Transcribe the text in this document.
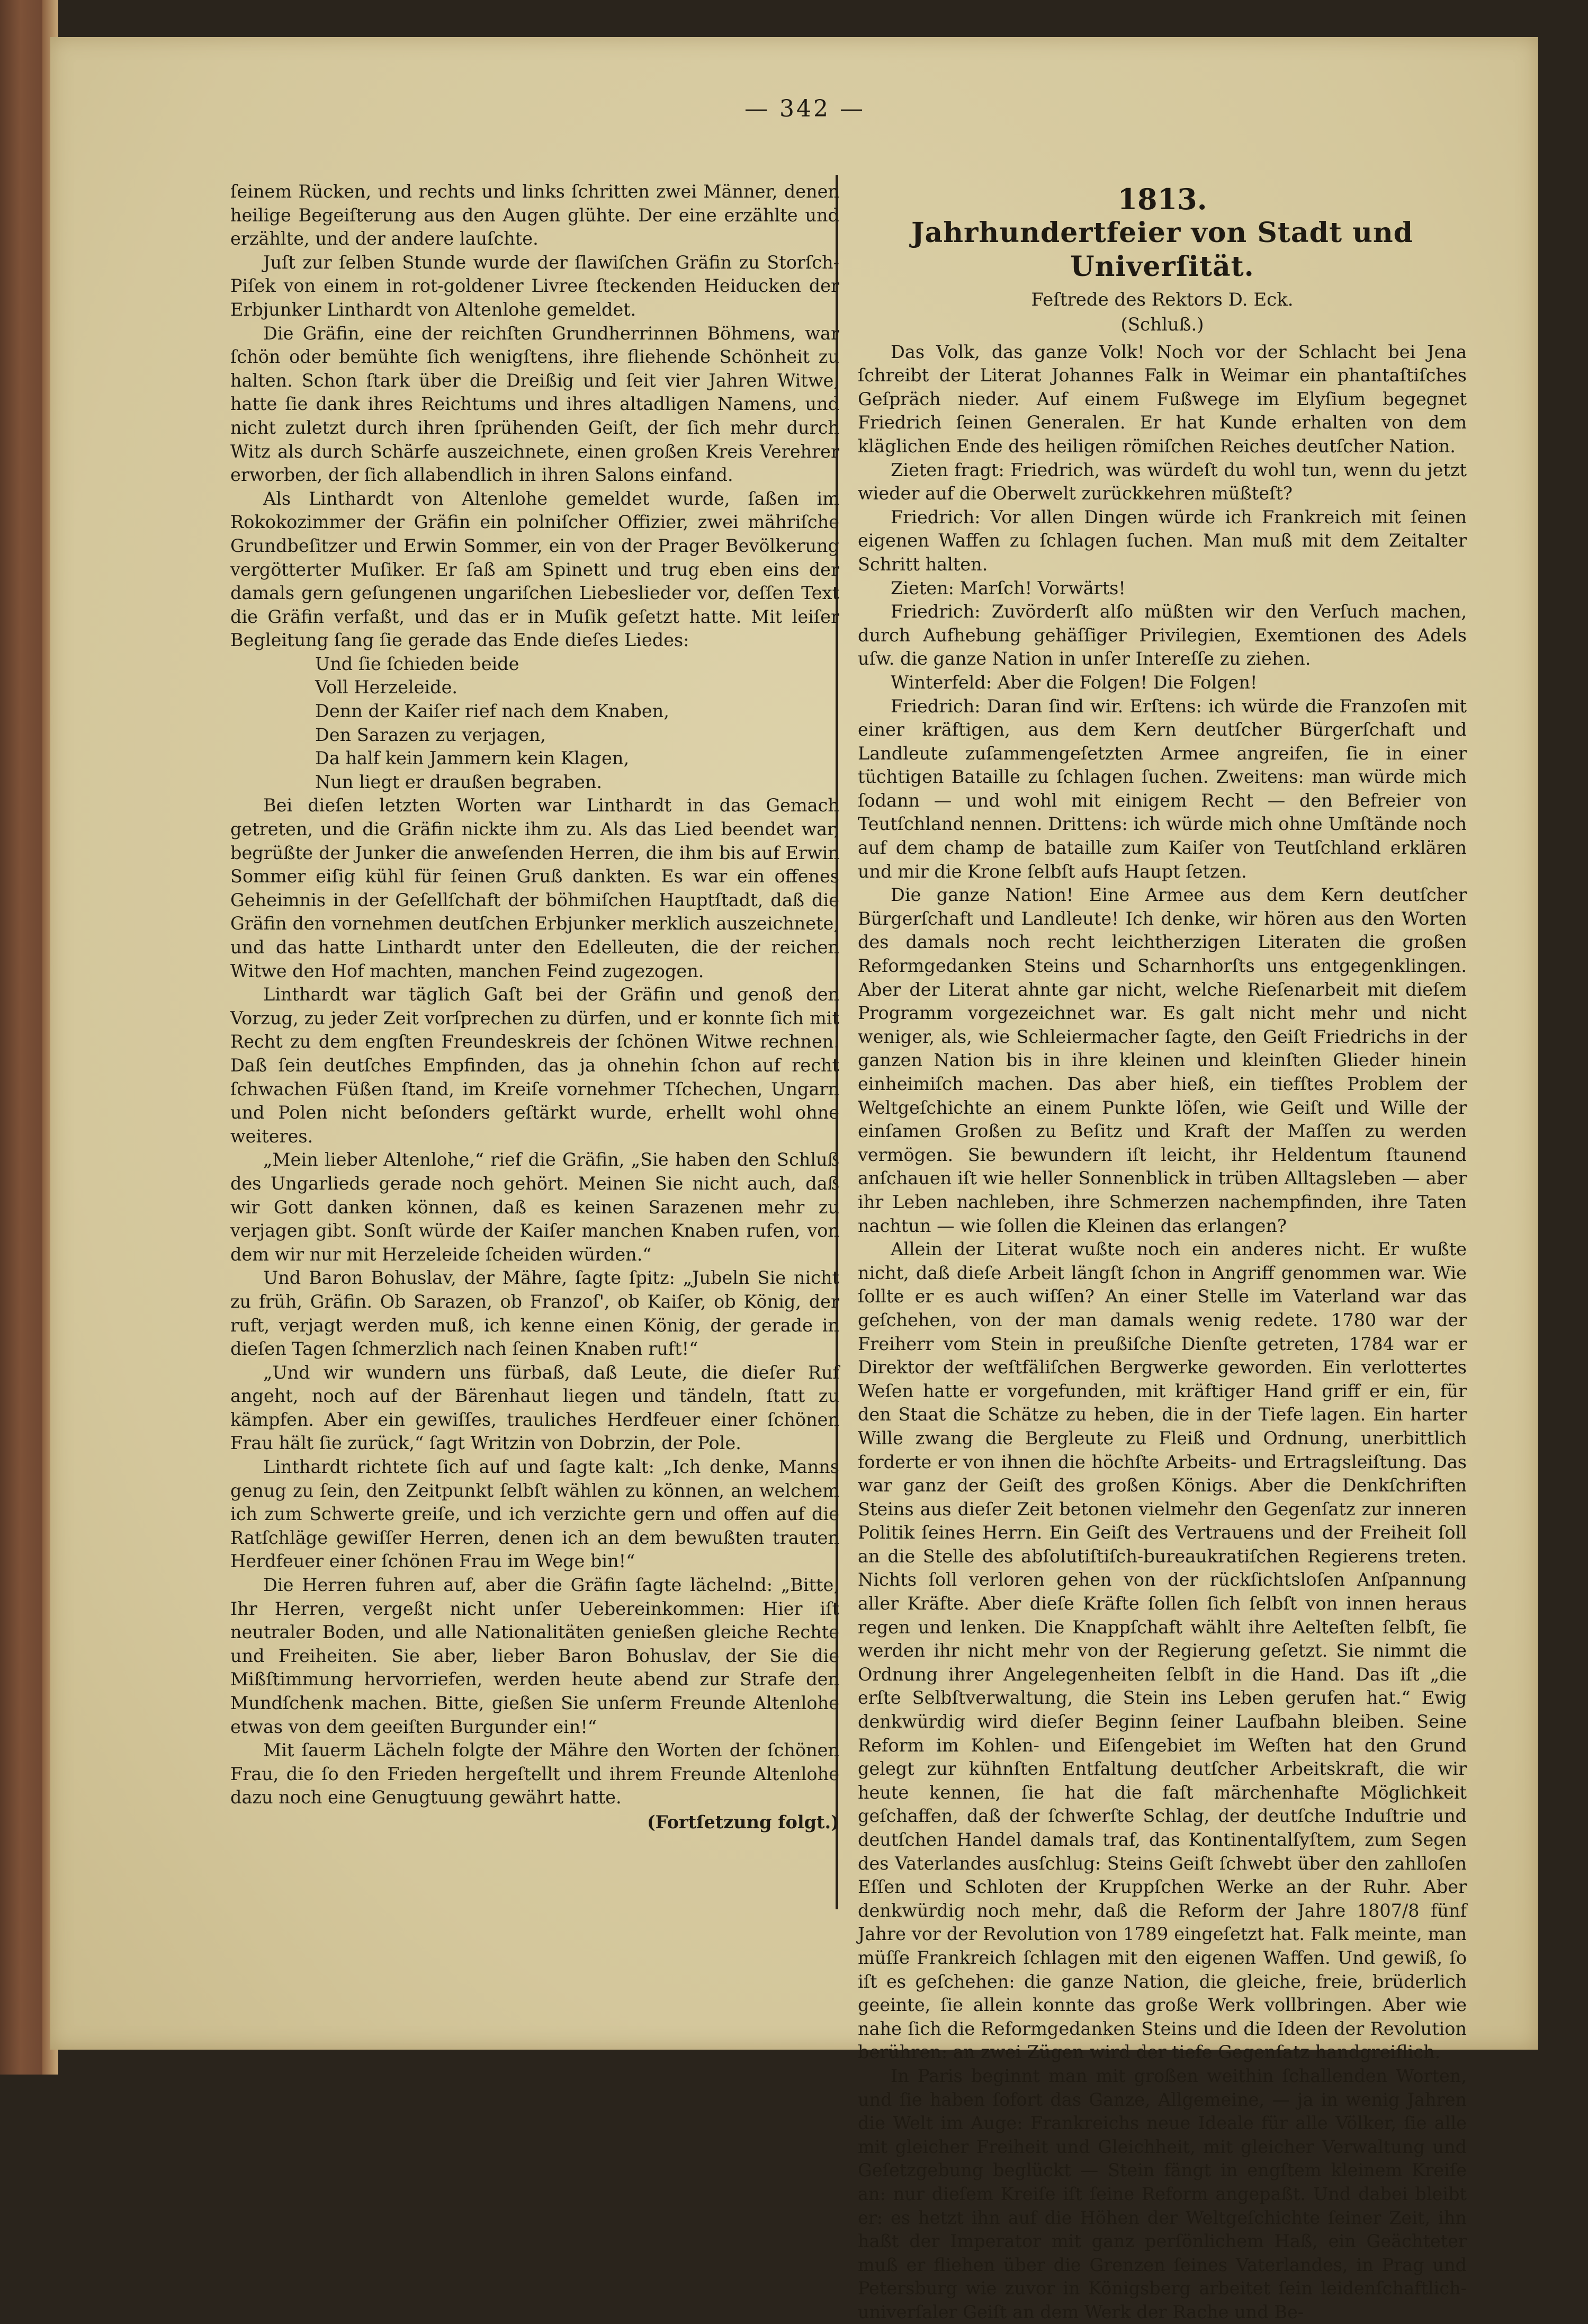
— 342 —

ſeinem Rücken, und rechts und links ſchritten zwei Männer, denen heilige Begeiſterung aus den Augen glühte. Der eine erzählte und erzählte, und der andere lauſchte.

Juſt zur ſelben Stunde wurde der ſlawiſchen Gräfin zu Storſch-Piſek von einem in rot-goldener Livree ſteckenden Heiducken der Erbjunker Linthardt von Altenlohe gemeldet.

Die Gräfin, eine der reichſten Grundherrinnen Böhmens, war ſchön oder bemühte ſich wenigſtens, ihre fliehende Schönheit zu halten. Schon ſtark über die Dreißig und ſeit vier Jahren Witwe, hatte ſie dank ihres Reichtums und ihres altadligen Namens, und nicht zuletzt durch ihren ſprühenden Geiſt, der ſich mehr durch Witz als durch Schärfe auszeichnete, einen großen Kreis Verehrer erworben, der ſich allabendlich in ihren Salons einfand.

Als Linthardt von Altenlohe gemeldet wurde, ſaßen im Rokokozimmer der Gräfin ein polniſcher Offizier, zwei mähriſche Grundbeſitzer und Erwin Sommer, ein von der Prager Bevölkerung vergötterter Muſiker. Er ſaß am Spinett und trug eben eins der damals gern geſungenen ungariſchen Liebeslieder vor, deſſen Text die Gräfin verfaßt, und das er in Muſik geſetzt hatte. Mit leiſer Begleitung ſang ſie gerade das Ende dieſes Liedes:

Und ſie ſchieden beide
Voll Herzeleide.
Denn der Kaiſer rief nach dem Knaben,
Den Sarazen zu verjagen,
Da half kein Jammern kein Klagen,
Nun liegt er draußen begraben.

Bei dieſen letzten Worten war Linthardt in das Gemach getreten, und die Gräfin nickte ihm zu. Als das Lied beendet war, begrüßte der Junker die anweſenden Herren, die ihm bis auf Erwin Sommer eiſig kühl für ſeinen Gruß dankten. Es war ein offenes Geheimnis in der Geſellſchaft der böhmiſchen Hauptſtadt, daß die Gräfin den vornehmen deutſchen Erbjunker merklich auszeichnete, und das hatte Linthardt unter den Edelleuten, die der reichen Witwe den Hof machten, manchen Feind zugezogen.

Linthardt war täglich Gaſt bei der Gräfin und genoß den Vorzug, zu jeder Zeit vorſprechen zu dürfen, und er konnte ſich mit Recht zu dem engſten Freundeskreis der ſchönen Witwe rechnen. Daß ſein deutſches Empfinden, das ja ohnehin ſchon auf recht ſchwachen Füßen ſtand, im Kreiſe vornehmer Tſchechen, Ungarn und Polen nicht beſonders geſtärkt wurde, erhellt wohl ohne weiteres.

„Mein lieber Altenlohe,“ rief die Gräfin, „Sie haben den Schluß des Ungarlieds gerade noch gehört. Meinen Sie nicht auch, daß wir Gott danken können, daß es keinen Sarazenen mehr zu verjagen gibt. Sonſt würde der Kaiſer manchen Knaben rufen, von dem wir nur mit Herzeleide ſcheiden würden.“

Und Baron Bohuslav, der Mähre, ſagte ſpitz: „Jubeln Sie nicht zu früh, Gräfin. Ob Sarazen, ob Franzoſ', ob Kaiſer, ob König, der ruft, verjagt werden muß, ich kenne einen König, der gerade in dieſen Tagen ſchmerzlich nach ſeinen Knaben ruft!“

„Und wir wundern uns fürbaß, daß Leute, die dieſer Ruf angeht, noch auf der Bärenhaut liegen und tändeln, ſtatt zu kämpfen. Aber ein gewiſſes, trauliches Herdfeuer einer ſchönen Frau hält ſie zurück,“ ſagt Writzin von Dobrzin, der Pole.

Linthardt richtete ſich auf und ſagte kalt: „Ich denke, Manns genug zu ſein, den Zeitpunkt ſelbſt wählen zu können, an welchem ich zum Schwerte greiſe, und ich verzichte gern und offen auf die Ratſchläge gewiſſer Herren, denen ich an dem bewußten trauten Herdfeuer einer ſchönen Frau im Wege bin!“

Die Herren fuhren auf, aber die Gräfin ſagte lächelnd: „Bitte, Ihr Herren, vergeßt nicht unſer Uebereinkommen: Hier iſt neutraler Boden, und alle Nationalitäten genießen gleiche Rechte und Freiheiten. Sie aber, lieber Baron Bohuslav, der Sie die Mißſtimmung hervorriefen, werden heute abend zur Strafe den Mundſchenk machen. Bitte, gießen Sie unſerm Freunde Altenlohe etwas von dem geeiſten Burgunder ein!“

Mit ſauerm Lächeln folgte der Mähre den Worten der ſchönen Frau, die ſo den Frieden hergeſtellt und ihrem Freunde Altenlohe dazu noch eine Genugtuung gewährt hatte.

(Fortſetzung folgt.)
1813.
Jahrhundertfeier von Stadt und Univerſität.
Feſtrede des Rektors D. Eck.
(Schluß.)

Das Volk, das ganze Volk! Noch vor der Schlacht bei Jena ſchreibt der Literat Johannes Falk in Weimar ein phantaſtiſches Geſpräch nieder. Auf einem Fußwege im Elyſium begegnet Friedrich ſeinen Generalen. Er hat Kunde erhalten von dem kläglichen Ende des heiligen römiſchen Reiches deutſcher Nation.

Zieten fragt: Friedrich, was würdeſt du wohl tun, wenn du jetzt wieder auf die Oberwelt zurückkehren müßteſt?

Friedrich: Vor allen Dingen würde ich Frankreich mit ſeinen eigenen Waffen zu ſchlagen ſuchen. Man muß mit dem Zeitalter Schritt halten.

Zieten: Marſch! Vorwärts!

Friedrich: Zuvörderſt alſo müßten wir den Verſuch machen, durch Aufhebung gehäſſiger Privilegien, Exemtionen des Adels uſw. die ganze Nation in unſer Intereſſe zu ziehen.

Winterfeld: Aber die Folgen! Die Folgen!

Friedrich: Daran ſind wir. Erſtens: ich würde die Franzoſen mit einer kräftigen, aus dem Kern deutſcher Bürgerſchaft und Landleute zuſammengeſetzten Armee angreifen, ſie in einer tüchtigen Bataille zu ſchlagen ſuchen. Zweitens: man würde mich ſodann — und wohl mit einigem Recht — den Befreier von Teutſchland nennen. Drittens: ich würde mich ohne Umſtände noch auf dem champ de bataille zum Kaiſer von Teutſchland erklären und mir die Krone ſelbſt aufs Haupt ſetzen.

Die ganze Nation! Eine Armee aus dem Kern deutſcher Bürgerſchaft und Landleute! Ich denke, wir hören aus den Worten des damals noch recht leichtherzigen Literaten die großen Reformgedanken Steins und Scharnhorſts uns entgegenklingen. Aber der Literat ahnte gar nicht, welche Rieſenarbeit mit dieſem Programm vorgezeichnet war. Es galt nicht mehr und nicht weniger, als, wie Schleiermacher ſagte, den Geiſt Friedrichs in der ganzen Nation bis in ihre kleinen und kleinſten Glieder hinein einheimiſch machen. Das aber hieß, ein tiefſtes Problem der Weltgeſchichte an einem Punkte löſen, wie Geiſt und Wille der einſamen Großen zu Beſitz und Kraft der Maſſen zu werden vermögen. Sie bewundern iſt leicht, ihr Heldentum ſtaunend anſchauen iſt wie heller Sonnenblick in trüben Alltagsleben — aber ihr Leben nachleben, ihre Schmerzen nachempfinden, ihre Taten nachtun — wie ſollen die Kleinen das erlangen?

Allein der Literat wußte noch ein anderes nicht. Er wußte nicht, daß dieſe Arbeit längſt ſchon in Angriff genommen war. Wie ſollte er es auch wiſſen? An einer Stelle im Vaterland war das geſchehen, von der man damals wenig redete. 1780 war der Freiherr vom Stein in preußiſche Dienſte getreten, 1784 war er Direktor der weſtfäliſchen Bergwerke geworden. Ein verlottertes Weſen hatte er vorgefunden, mit kräftiger Hand griff er ein, für den Staat die Schätze zu heben, die in der Tiefe lagen. Ein harter Wille zwang die Bergleute zu Fleiß und Ordnung, unerbittlich forderte er von ihnen die höchſte Arbeits- und Ertragsleiſtung. Das war ganz der Geiſt des großen Königs. Aber die Denkſchriften Steins aus dieſer Zeit betonen vielmehr den Gegenſatz zur inneren Politik ſeines Herrn. Ein Geiſt des Vertrauens und der Freiheit ſoll an die Stelle des abſolutiſtiſch-bureaukratiſchen Regierens treten. Nichts ſoll verloren gehen von der rückſichtsloſen Anſpannung aller Kräfte. Aber dieſe Kräfte ſollen ſich ſelbſt von innen heraus regen und lenken. Die Knappſchaft wählt ihre Aelteſten ſelbſt, ſie werden ihr nicht mehr von der Regierung geſetzt. Sie nimmt die Ordnung ihrer Angelegenheiten ſelbſt in die Hand. Das iſt „die erſte Selbſtverwaltung, die Stein ins Leben gerufen hat.“ Ewig denkwürdig wird dieſer Beginn ſeiner Laufbahn bleiben. Seine Reform im Kohlen- und Eiſengebiet im Weſten hat den Grund gelegt zur kühnſten Entfaltung deutſcher Arbeitskraft, die wir heute kennen, ſie hat die faſt märchenhafte Möglichkeit geſchaffen, daß der ſchwerſte Schlag, der deutſche Induſtrie und deutſchen Handel damals traf, das Kontinentalſyſtem, zum Segen des Vaterlandes ausſchlug: Steins Geiſt ſchwebt über den zahlloſen Eſſen und Schloten der Kruppſchen Werke an der Ruhr. Aber denkwürdig noch mehr, daß die Reform der Jahre 1807/8 fünf Jahre vor der Revolution von 1789 eingeſetzt hat. Falk meinte, man müſſe Frankreich ſchlagen mit den eigenen Waffen. Und gewiß, ſo iſt es geſchehen: die ganze Nation, die gleiche, freie, brüderlich geeinte, ſie allein konnte das große Werk vollbringen. Aber wie nahe ſich die Reformgedanken Steins und die Ideen der Revolution berühren: an zwei Zügen wird der tiefe Gegenſatz handgreiflich.

In Paris beginnt man mit großen weithin ſchallenden Worten, und ſie haben ſofort das Ganze, Allgemeine, — ja in wenig Jahren die Welt im Auge: Frankreichs neue Ideale für alle Völker, ſie alle mit gleicher Freiheit und Gleichheit, mit gleicher Verwaltung und Geſetzgebung beglückt — Stein fängt in engſtem kleinem Kreiſe an: nur dieſem Kreiſe iſt ſeine Reform angepaßt. Und dabei bleibt er: es hetzt ihn auf die Höhen der Weltgeſchichte ſeiner Zeit, ihn haßt der Imperator mit ganz perſönlichem Haß, ein Geächteter muß er fliehen über die Grenzen ſeines Vaterlandes, in Prag und Petersburg wie zuvor in Königsberg arbeitet ſein leidenſchaftlich-univerſaler Geiſt an dem Werk der Rache und Be-
